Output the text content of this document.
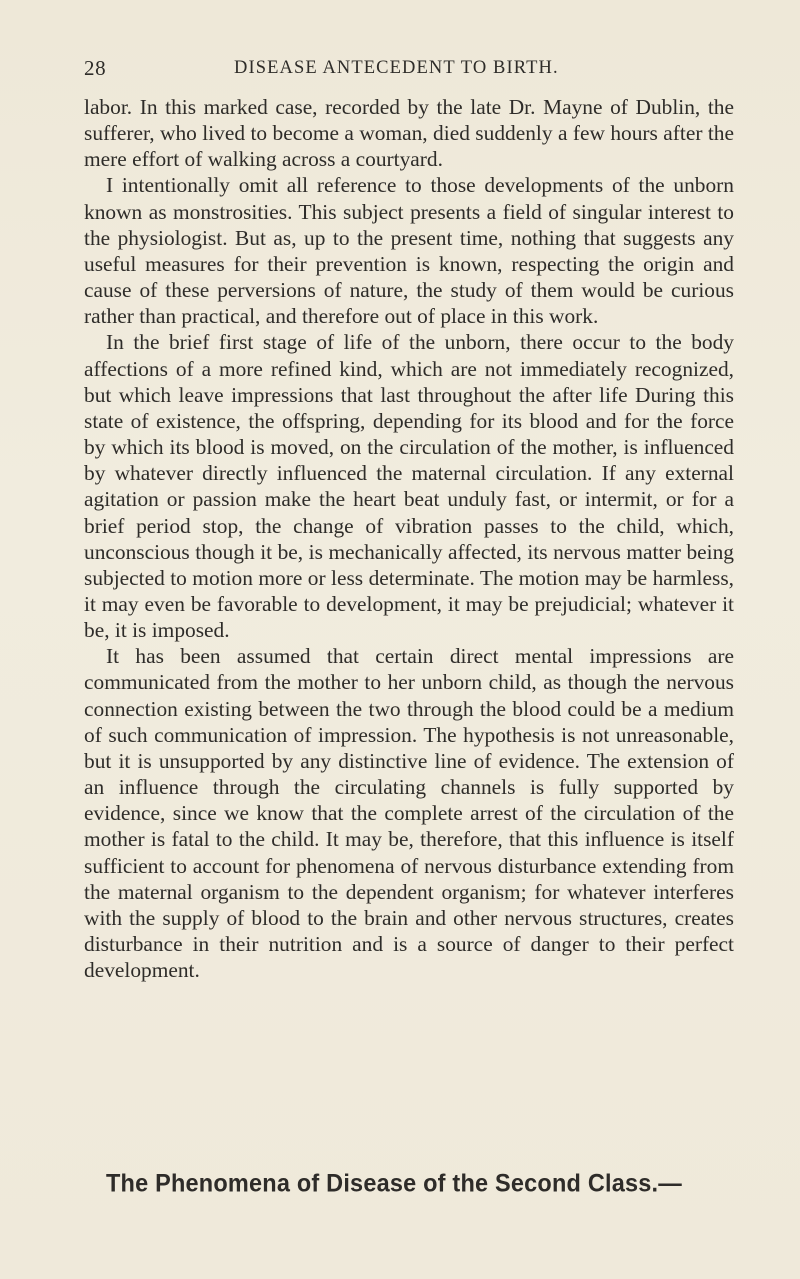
28	DISEASE ANTECEDENT TO BIRTH.

labor. In this marked case, recorded by the late Dr. Mayne of Dublin, the sufferer, who lived to become a woman, died suddenly a few hours after the mere effort of walking across a courtyard.

I intentionally omit all reference to those developments of the unborn known as monstrosities. This subject presents a field of singular interest to the physiologist. But as, up to the present time, nothing that suggests any useful measures for their prevention is known, respecting the origin and cause of these perversions of nature, the study of them would be curious rather than practical, and therefore out of place in this work.

In the brief first stage of life of the unborn, there occur to the body affections of a more refined kind, which are not immediately recognized, but which leave impressions that last throughout the after life During this state of existence, the offspring, depending for its blood and for the force by which its blood is moved, on the circulation of the mother, is influenced by whatever directly influenced the maternal circulation. If any external agitation or passion make the heart beat unduly fast, or intermit, or for a brief period stop, the change of vibration passes to the child, which, unconscious though it be, is mechanically affected, its nervous matter being subjected to motion more or less determinate. The motion may be harmless, it may even be favorable to development, it may be prejudicial; whatever it be, it is imposed.

It has been assumed that certain direct mental impressions are communicated from the mother to her unborn child, as though the nervous connection existing between the two through the blood could be a medium of such communication of impression. The hypothesis is not unreasonable, but it is unsupported by any distinctive line of evidence. The extension of an influence through the circulating channels is fully supported by evidence, since we know that the complete arrest of the circulation of the mother is fatal to the child. It may be, therefore, that this influence is itself sufficient to account for phenomena of nervous disturbance extending from the maternal organism to the dependent organism; for whatever interferes with the supply of blood to the brain and other nervous structures, creates disturbance in their nutrition and is a source of danger to their perfect development.

The Phenomena of Disease of the Second Class.—
